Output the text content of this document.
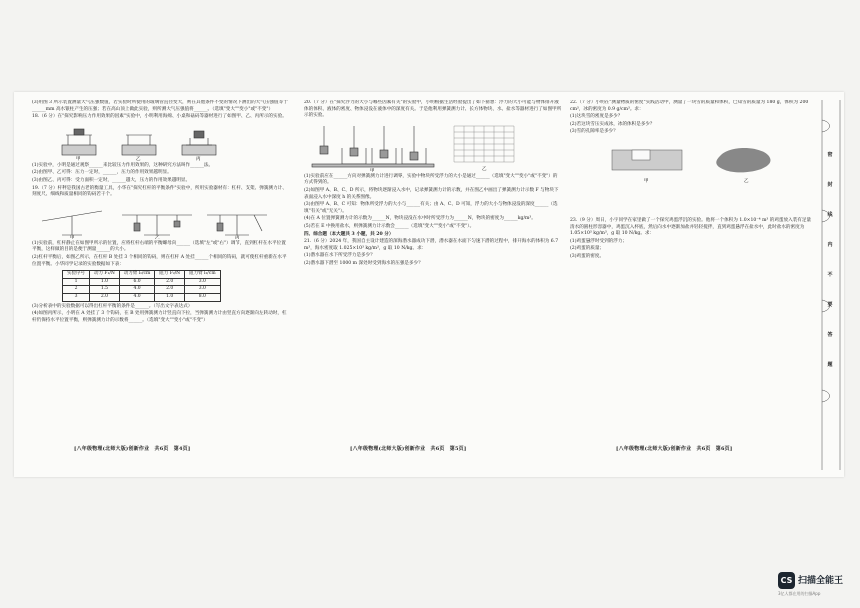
(3)用图 3 所示装置测量大气压强数值，若实验时所使用的玻璃管直径变大，则在其他条件不变的情况下测出的大气压强值等于______mm 高水银柱产生的压强；若在高山顶上做此实验，则所测大气压强值将______。（选填"变大""变小"或"不变"）

18.（6 分）在"探究影响压力作用效果的因素"实验中，小明利用海绵、小桌和砝码等器材进行了如图甲、乙、丙所示的实验。

甲	乙	丙

(1)实验中，小明是通过观察______来比较压力作用效果的，这种研究方法叫作______法。

(2)由图甲、乙可得：压力一定时，______，压力的作用效果越明显。

(3)由图乙、丙可得：受力面积一定时，______越大，压力的作用效果越明显。

19.（7 分）杆秤是我国古老的衡量工具，小华在"探究杠杆的平衡条件"实验中，所用实验器材有：杠杆、支架、弹簧测力计、刻度尺、细线和质量相同的钩码若干个。

甲	乙	丙

(1)实验前，杠杆静止在如图甲所示的位置，应将杠杆右端的平衡螺母向______（选填"左"或"右"）调节，直到杠杆在水平位置平衡，这样做的目的是便于测量______的大小。

(2)杠杆平衡后，如图乙所示，在杠杆 B 处挂 3 个相同的钩码，则在杠杆 A 处挂______个相同的钩码，就可使杠杆重新在水平位置平衡。小华同学记录的实验数据如下表：

实验序号	动力 F₁/N	动力臂 l₁/cm	阻力 F₂/N	阻力臂 l₂/cm
1	1.0	6.0	2.0	3.0
2	1.5	4.0	2.0	3.0
3	2.0	4.0	1.0	8.0

(3)分析表中的实验数据可以得出杠杆平衡的条件是______。（写出文字表达式）

(4)如图丙所示，小明在 A 处挂了 3 个钩码，在 B 处用弹簧测力计竖直向下拉，当弹簧测力计由竖直方向逐渐向左转动时，杠杆仍保持水平位置平衡，则弹簧测力计的示数将______。（选填"变大""变小"或"不变"）

[八年级物理(北师大版)创新作业　共6页　第4页]

20.（7 分）在"探究浮力的大小与哪些因素有关"的实验中，小明根据生活经验提出了如下猜想：浮力的大小可能与物体排开液体的体积、液体的密度、物体浸没在液体中的深度有关。于是他利用弹簧测力计、长方体物块、水、盐水等器材进行了如图甲所示的实验。

甲	乙

(1)实验前应在______方向对弹簧测力计进行调零，实验中物块所受浮力的大小是通过______（选填"变大""变小"或"不变"）的方式得到的。

(2)如图甲 A、B、C、D 所示，将物块逐渐浸入水中，记录弹簧测力计的示数，并在图乙中画出了弹簧测力计示数 F 与物块下表面浸入水中深度 h 的关系图像。

(3)由图甲 A、B、C 可知：物体所受浮力的大小与______有关；由 A、C、D 可知，浮力的大小与物体浸没的深度______（选填"有关"或"无关"）。

(4)在 A 位置弹簧测力计的示数为______N，物块浸没在水中时所受浮力为______N，物块的密度为______kg/m³。

(5)若在 E 中换用盐水，则弹簧测力计示数会______（选填"变大""变小"或"不变"）。

四、综合题（本大题共 3 小题，共 20 分）

21.（6 分）2024 年，我国自主设计建造的深海潜水器成功下潜，潜水器在水面下匀速下潜的过程中，排开海水的体积为 6.7 m³，海水密度取 1.025×10³ kg/m³，g 取 10 N/kg。求：

(1)潜水器在水下所受浮力是多少？

(2)潜水器下潜至 1000 m 深处时受到海水的压强是多少？

[八年级物理(北师大版)创新作业　共6页　第5页]

22.（7 分）小明在"测量物质的密度"实践活动中，测量了一块雪的质量和体积，已知雪的质量为 180 g，体积为 200 cm³，冰的密度为 0.9 g/cm³。求：

(1)这块雪的密度是多少？

(2)若这块雪压实成冰，冰的体积是多少？

(3)雪的孔隙率是多少？

甲	乙

23.（9 分）周日，小宇同学在家里做了一个探究鸡蛋浮沉的实验。他将一个体积为 1.0×10⁻⁴ m³ 的鸡蛋放入装有足量清水的圆柱形容器中，鸡蛋沉入杯底，然后向水中逐渐加盐并轻轻搅拌，直到鸡蛋悬浮在盐水中，此时盐水的密度为 1.05×10³ kg/m³，g 取 10 N/kg。求：

(1)鸡蛋悬浮时受到的浮力；

(2)鸡蛋的质量；

(3)鸡蛋的密度。

[八年级物理(北师大版)创新作业　共6页　第6页]
密
封
线
内
不
要
答
题
CS 扫描全能王
3亿人都在用的扫描App
